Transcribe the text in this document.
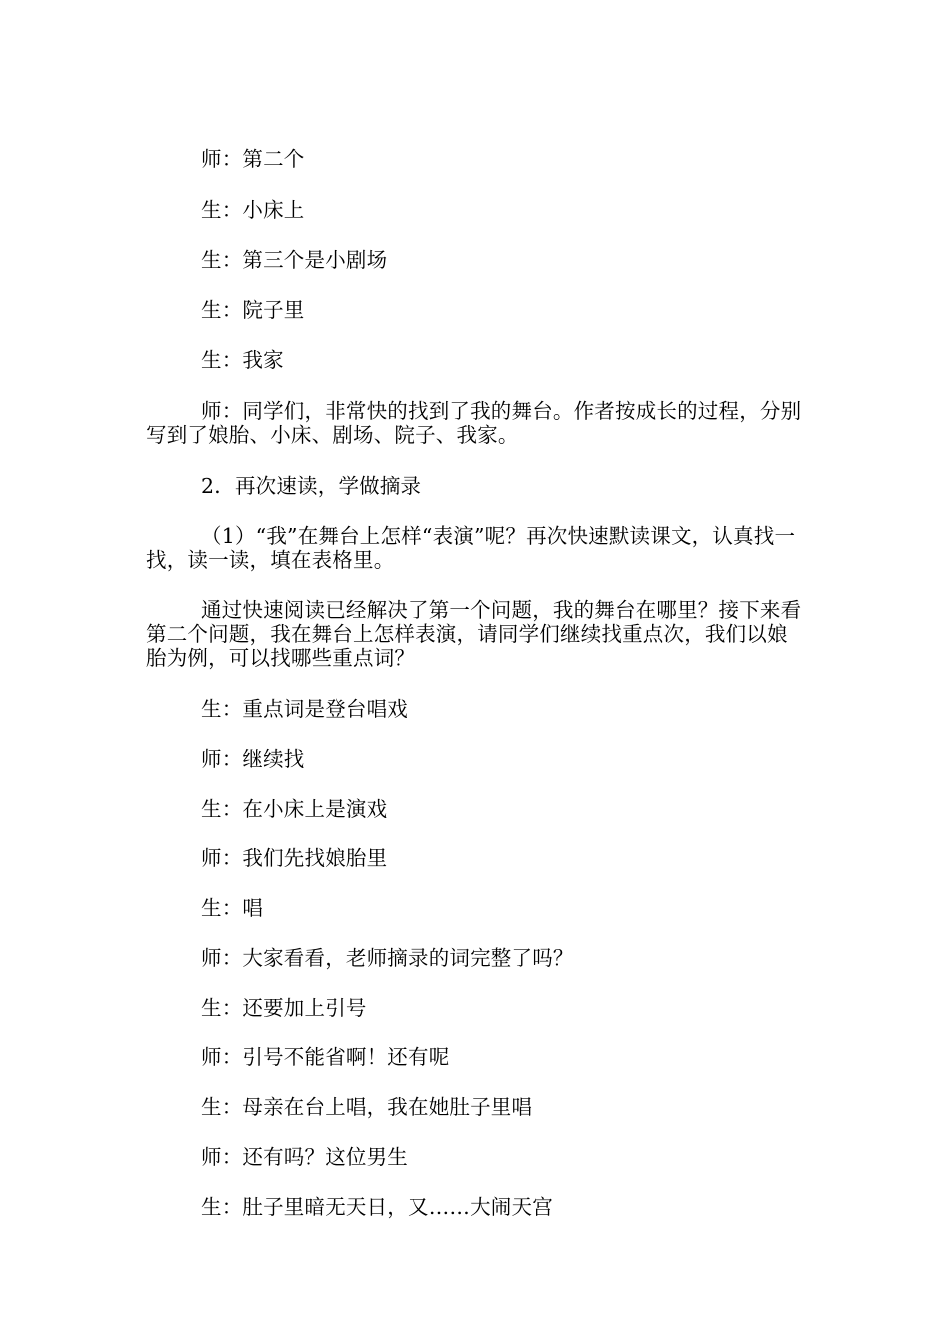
师：第二个

生：小床上

生：第三个是小剧场

生：院子里

生：我家

师：同学们，非常快的找到了我的舞台。作者按成长的过程，分别写到了娘胎、小床、剧场、院子、我家。

2．再次速读，学做摘录

（1）“我”在舞台上怎样“表演”呢？再次快速默读课文，认真找一找，读一读，填在表格里。

通过快速阅读已经解决了第一个问题，我的舞台在哪里？接下来看第二个问题，我在舞台上怎样表演，请同学们继续找重点次，我们以娘胎为例，可以找哪些重点词？

生：重点词是登台唱戏

师：继续找

生：在小床上是演戏

师：我们先找娘胎里

生：唱

师：大家看看，老师摘录的词完整了吗？

生：还要加上引号

师：引号不能省啊！还有呢

生：母亲在台上唱，我在她肚子里唱

师：还有吗？这位男生

生：肚子里暗无天日，又……大闹天宫
